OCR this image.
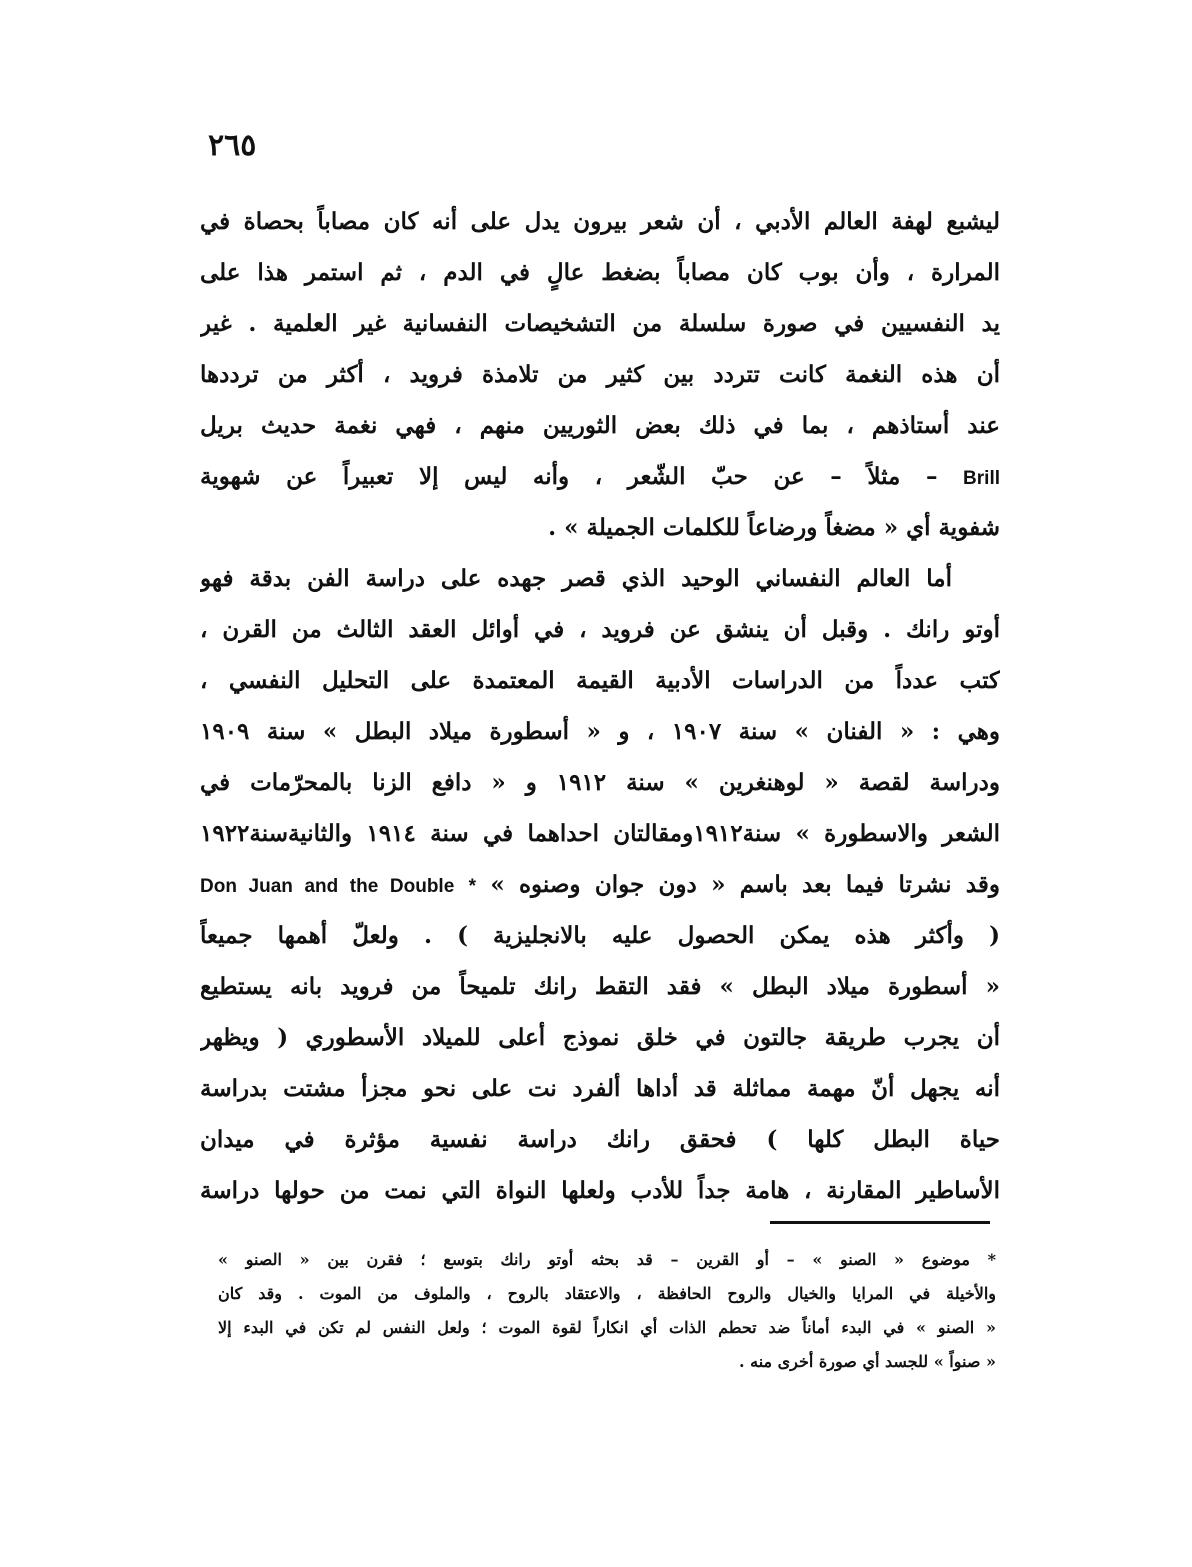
٢٦٥
ليشبع لهفة العالم الأدبي ، أن شعر بيرون يدل على أنه كان مصاباً بحصاة في
المرارة ، وأن بوب كان مصاباً بضغط عالٍ في الدم ، ثم استمر هذا على
يد النفسيين في صورة سلسلة من التشخيصات النفسانية غير العلمية . غير
أن هذه النغمة كانت تتردد بين كثير من تلامذة فرويد ، أكثر من ترددها
عند أستاذهم ، بما في ذلك بعض الثوريين منهم ، فهي نغمة حديث بريل
Brill – مثلاً – عن حبّ الشّعر ، وأنه ليس إلا تعبيراً عن شهوية
شفوية أي « مضغاً ورضاعاً للكلمات الجميلة » .
أما العالم النفساني الوحيد الذي قصر جهده على دراسة الفن بدقة فهو
أوتو رانك . وقبل أن ينشق عن فرويد ، في أوائل العقد الثالث من القرن ،
كتب عدداً من الدراسات الأدبية القيمة المعتمدة على التحليل النفسي ،
وهي : « الفنان » سنة ١٩٠٧ ، و « أسطورة ميلاد البطل » سنة ١٩٠٩
ودراسة لقصة « لوهنغرين » سنة ١٩١٢ و « دافع الزنا بالمحرّمات في
الشعر والاسطورة » سنة١٩١٢ومقالتان احداهما في سنة ١٩١٤ والثانيةسنة١٩٢٢
وقد نشرتا فيما بعد باسم « دون جوان وصنوه » Don Juan and the Double *
( وأكثر هذه يمكن الحصول عليه بالانجليزية ) . ولعلّ أهمها جميعاً
« أسطورة ميلاد البطل » فقد التقط رانك تلميحاً من فرويد بانه يستطيع
أن يجرب طريقة جالتون في خلق نموذج أعلى للميلاد الأسطوري ( ويظهر
أنه يجهل أنّ مهمة مماثلة قد أداها ألفرد نت على نحو مجزأ مشتت بدراسة
حياة البطل كلها ) فحقق رانك دراسة نفسية مؤثرة في ميدان
الأساطير المقارنة ، هامة جداً للأدب ولعلها النواة التي نمت من حولها دراسة
* موضوع « الصنو » – أو القرين – قد بحثه أوتو رانك بتوسع ؛ فقرن بين « الصنو »
والأخيلة في المرايا والخيال والروح الحافظة ، والاعتقاد بالروح ، والملوف من الموت . وقد كان
« الصنو » في البدء أماناً ضد تحطم الذات أي انكاراً لقوة الموت ؛ ولعل النفس لم تكن في البدء إلا
« صنواً » للجسد أي صورة أخرى منه .
